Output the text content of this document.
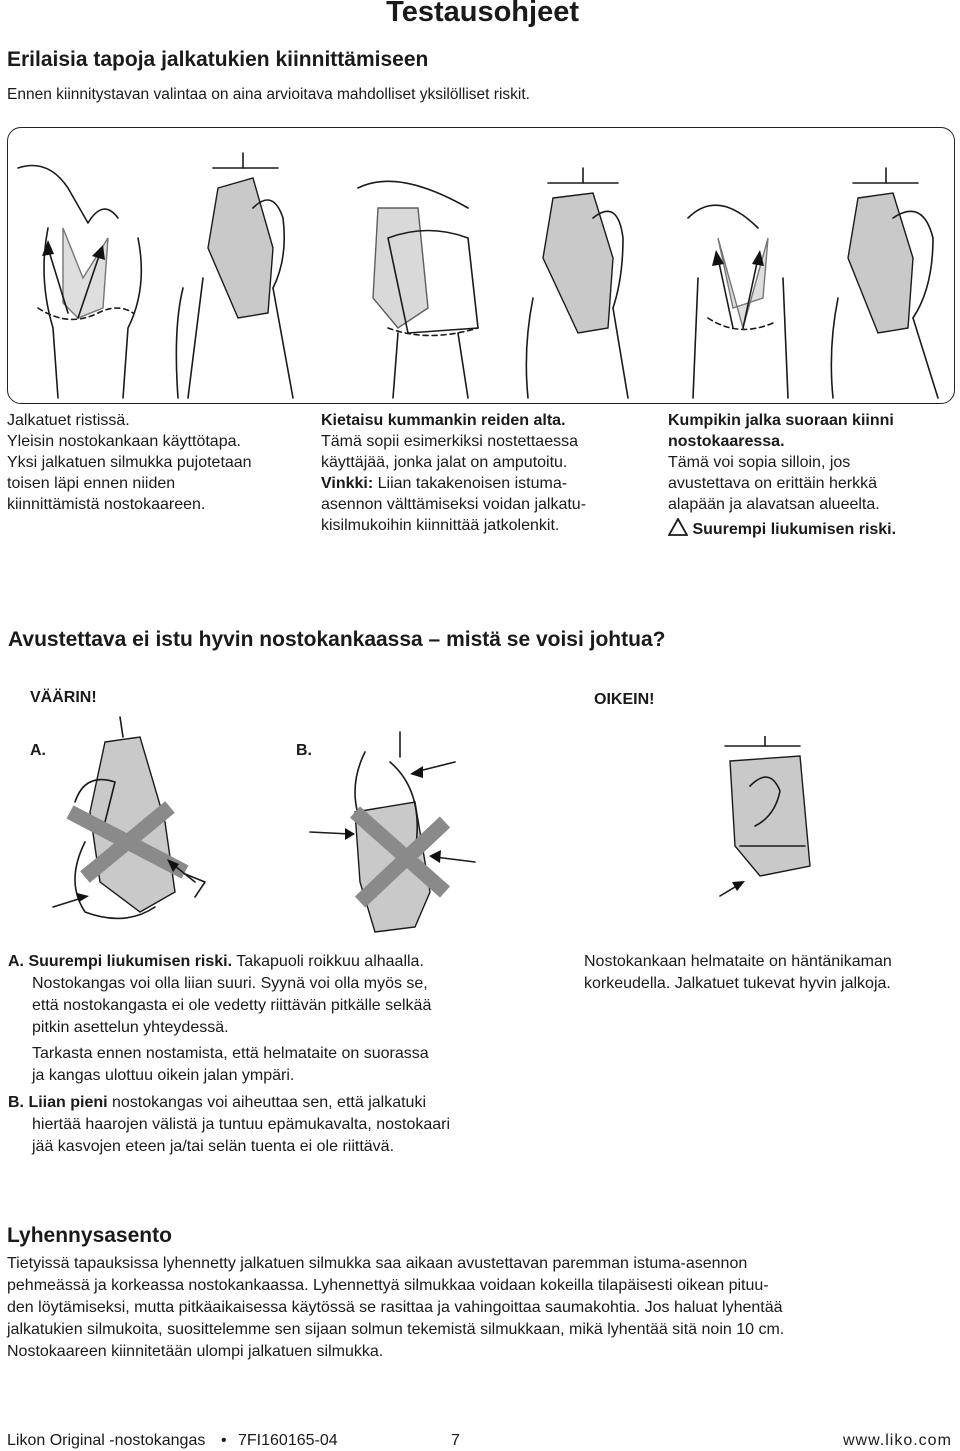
Testausohjeet
Erilaisia tapoja jalkatukien kiinnittämiseen
Ennen kiinnitystavan valintaa on aina arvioitava mahdolliset yksilölliset riskit.
Jalkatuet ristissä.
Yleisin nostokankaan käyttötapa.
Yksi jalkatuen silmukka pujotetaan
toisen läpi ennen niiden
kiinnittämistä nostokaareen.
Kietaisu kummankin reiden alta.
Tämä sopii esimerkiksi nostettaessa
käyttäjää, jonka jalat on amputoitu.
Vinkki: Liian takakenoisen istuma-
asennon välttämiseksi voidan jalkatu-
kisilmukoihin kiinnittää jatkolenkit.
Kumpikin jalka suoraan kiinni
nostokaaressa.
Tämä voi sopia silloin, jos
avustettava on erittäin herkkä
alapään ja alavatsan alueelta.
Suurempi liukumisen riski.
Avustettava ei istu hyvin nostokankaassa – mistä se voisi johtua?
VÄÄRIN!	OIKEIN!
A.	B.
A. Suurempi liukumisen riski. Takapuoli roikkuu alhaalla.
Nostokangas voi olla liian suuri. Syynä voi olla myös se,
että nostokangasta ei ole vedetty riittävän pitkälle selkää
pitkin asettelun yhteydessä.
Tarkasta ennen nostamista, että helmataite on suorassa
ja kangas ulottuu oikein jalan ympäri.
B. Liian pieni nostokangas voi aiheuttaa sen, että jalkatuki
hiertää haarojen välistä ja tuntuu epämukavalta, nostokaari
jää kasvojen eteen ja/tai selän tuenta ei ole riittävä.
Nostokankaan helmataite on häntänikaman
korkeudella. Jalkatuet tukevat hyvin jalkoja.
Lyhennysasento
Tietyissä tapauksissa lyhennetty jalkatuen silmukka saa aikaan avustettavan paremman istuma-asennon
pehmeässä ja korkeassa nostokankaassa. Lyhennettyä silmukkaa voidaan kokeilla tilapäisesti oikean pituu-
den löytämiseksi, mutta pitkäaikaisessa käytössä se rasittaa ja vahingoittaa saumakohtia. Jos haluat lyhentää
jalkatukien silmukoita, suosittelemme sen sijaan solmun tekemistä silmukkaan, mikä lyhentää sitä noin 10 cm.
Nostokaareen kiinnitetään ulompi jalkatuen silmukka.
Likon Original -nostokangas • 7FI160165-04	7	www.liko.com
